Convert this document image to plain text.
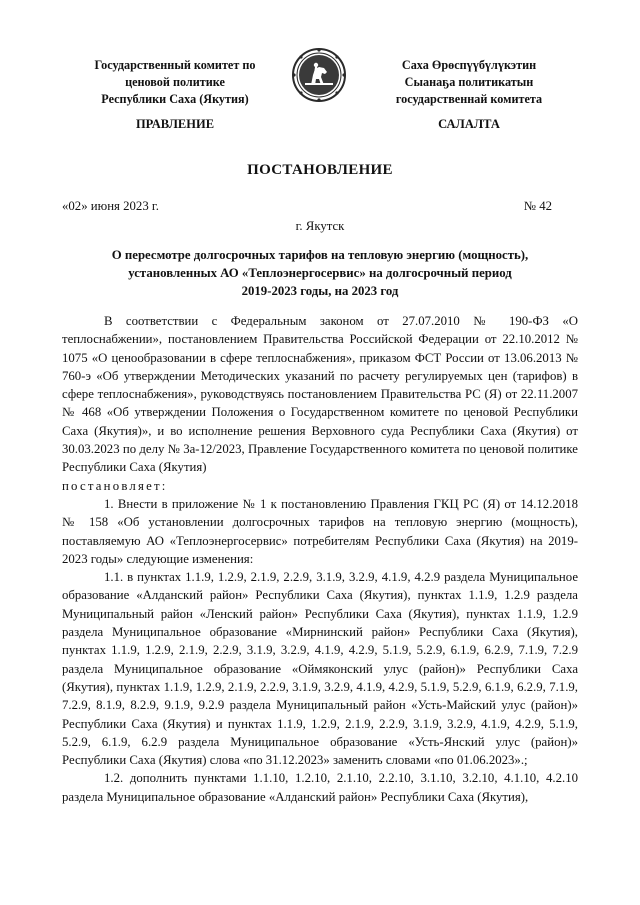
Государственный комитет по
ценовой политике
Республики Саха (Якутия)
Саха Өрөспүүбүлүкэтин
Сыанаҕа политикатын
государственнай комитета
ПРАВЛЕНИЕ	САЛАЛТА
ПОСТАНОВЛЕНИЕ
«02» июня 2023 г.	№ 42
г. Якутск
О пересмотре долгосрочных тарифов на тепловую энергию (мощность),
установленных АО «Теплоэнергосервис» на долгосрочный период
2019-2023 годы, на 2023 год

В соответствии с Федеральным законом от 27.07.2010 № 190-ФЗ «О теплоснабжении», постановлением Правительства Российской Федерации от 22.10.2012 № 1075 «О ценообразовании в сфере теплоснабжения», приказом ФСТ России от 13.06.2013 № 760-э «Об утверждении Методических указаний по расчету регулируемых цен (тарифов) в сфере теплоснабжения», руководствуясь постановлением Правительства РС (Я) от 22.11.2007 № 468 «Об утверждении Положения о Государственном комитете по ценовой Республики Саха (Якутия)», и во исполнение решения Верховного суда Республики Саха (Якутия) от 30.03.2023 по делу № 3а-12/2023, Правление Государственного комитета по ценовой политике Республики Саха (Якутия)

постановляет:

1. Внести в приложение № 1 к постановлению Правления ГКЦ РС (Я) от 14.12.2018 № 158 «Об установлении долгосрочных тарифов на тепловую энергию (мощность), поставляемую АО «Теплоэнергосервис» потребителям Республики Саха (Якутия) на 2019-2023 годы» следующие изменения:

1.1. в пунктах 1.1.9, 1.2.9, 2.1.9, 2.2.9, 3.1.9, 3.2.9, 4.1.9, 4.2.9 раздела Муниципальное образование «Алданский район» Республики Саха (Якутия), пунктах 1.1.9, 1.2.9 раздела Муниципальный район «Ленский район» Республики Саха (Якутия), пунктах 1.1.9, 1.2.9 раздела Муниципальное образование «Мирнинский район» Республики Саха (Якутия), пунктах 1.1.9, 1.2.9, 2.1.9, 2.2.9, 3.1.9, 3.2.9, 4.1.9, 4.2.9, 5.1.9, 5.2.9, 6.1.9, 6.2.9, 7.1.9, 7.2.9 раздела Муниципальное образование «Оймяконский улус (район)» Республики Саха (Якутия), пунктах 1.1.9, 1.2.9, 2.1.9, 2.2.9, 3.1.9, 3.2.9, 4.1.9, 4.2.9, 5.1.9, 5.2.9, 6.1.9, 6.2.9, 7.1.9, 7.2.9, 8.1.9, 8.2.9, 9.1.9, 9.2.9 раздела Муниципальный район «Усть-Майский улус (район)» Республики Саха (Якутия) и пунктах 1.1.9, 1.2.9, 2.1.9, 2.2.9, 3.1.9, 3.2.9, 4.1.9, 4.2.9, 5.1.9, 5.2.9, 6.1.9, 6.2.9 раздела Муниципальное образование «Усть-Янский улус (район)» Республики Саха (Якутия) слова «по 31.12.2023» заменить словами «по 01.06.2023».;

1.2. дополнить пунктами 1.1.10, 1.2.10, 2.1.10, 2.2.10, 3.1.10, 3.2.10, 4.1.10, 4.2.10 раздела Муниципальное образование «Алданский район» Республики Саха (Якутия),
